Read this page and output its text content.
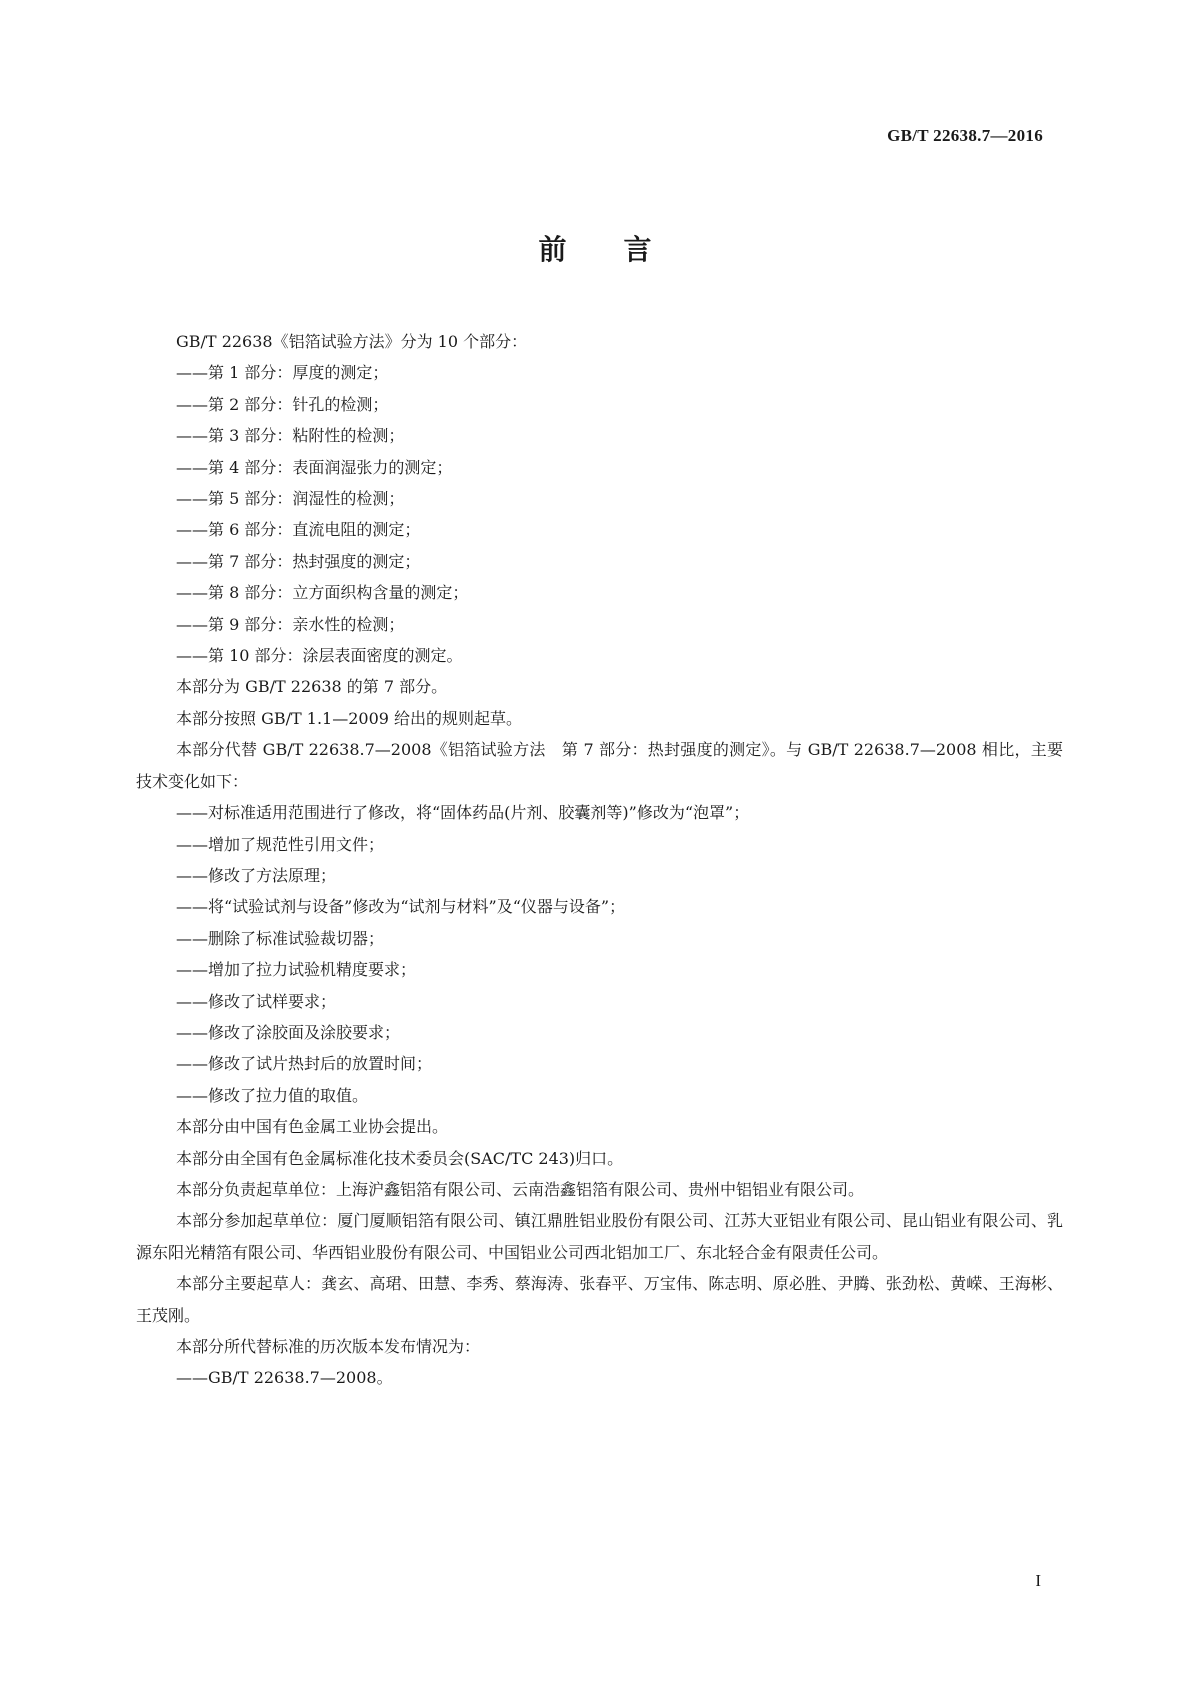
GB/T 22638.7—2016
前 言

GB/T 22638《铝箔试验方法》分为 10 个部分：

——第 1 部分：厚度的测定；

——第 2 部分：针孔的检测；

——第 3 部分：粘附性的检测；

——第 4 部分：表面润湿张力的测定；

——第 5 部分：润湿性的检测；

——第 6 部分：直流电阻的测定；

——第 7 部分：热封强度的测定；

——第 8 部分：立方面织构含量的测定；

——第 9 部分：亲水性的检测；

——第 10 部分：涂层表面密度的测定。

本部分为 GB/T 22638 的第 7 部分。

本部分按照 GB/T 1.1—2009 给出的规则起草。

本部分代替 GB/T 22638.7—2008《铝箔试验方法　第 7 部分：热封强度的测定》。与 GB/T 22638.7—2008 相比，主要技术变化如下：

——对标准适用范围进行了修改，将“固体药品(片剂、胶囊剂等)”修改为“泡罩”；

——增加了规范性引用文件；

——修改了方法原理；

——将“试验试剂与设备”修改为“试剂与材料”及“仪器与设备”；

——删除了标准试验裁切器；

——增加了拉力试验机精度要求；

——修改了试样要求；

——修改了涂胶面及涂胶要求；

——修改了试片热封后的放置时间；

——修改了拉力值的取值。

本部分由中国有色金属工业协会提出。

本部分由全国有色金属标准化技术委员会(SAC/TC 243)归口。

本部分负责起草单位：上海沪鑫铝箔有限公司、云南浩鑫铝箔有限公司、贵州中铝铝业有限公司。

本部分参加起草单位：厦门厦顺铝箔有限公司、镇江鼎胜铝业股份有限公司、江苏大亚铝业有限公司、昆山铝业有限公司、乳源东阳光精箔有限公司、华西铝业股份有限公司、中国铝业公司西北铝加工厂、东北轻合金有限责任公司。

本部分主要起草人：龚玄、高珺、田慧、李秀、蔡海涛、张春平、万宝伟、陈志明、原必胜、尹腾、张劲松、黄嵘、王海彬、王茂刚。

本部分所代替标准的历次版本发布情况为：

——GB/T 22638.7—2008。

I
